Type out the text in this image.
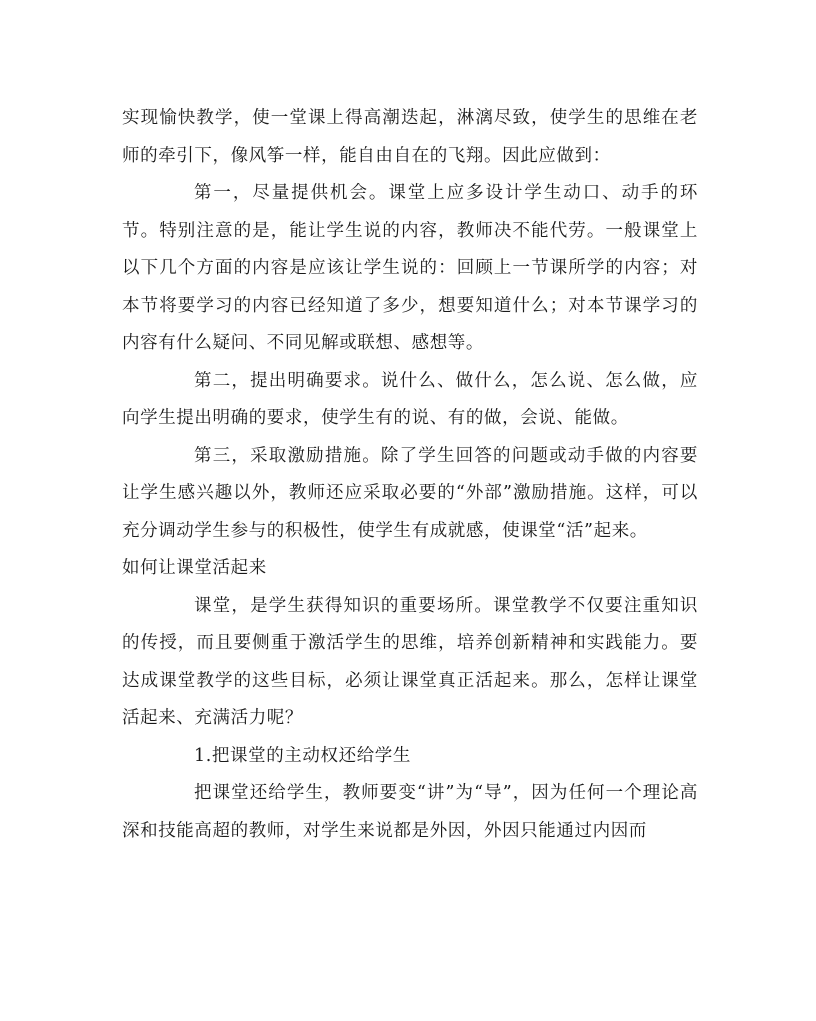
实现愉快教学，使一堂课上得高潮迭起，淋漓尽致，使学生的思维在老师的牵引下，像风筝一样，能自由自在的飞翔。因此应做到：

第一，尽量提供机会。课堂上应多设计学生动口、动手的环节。特别注意的是，能让学生说的内容，教师决不能代劳。一般课堂上以下几个方面的内容是应该让学生说的：回顾上一节课所学的内容；对本节将要学习的内容已经知道了多少，想要知道什么；对本节课学习的内容有什么疑问、不同见解或联想、感想等。

第二，提出明确要求。说什么、做什么，怎么说、怎么做，应向学生提出明确的要求，使学生有的说、有的做，会说、能做。

第三，采取激励措施。除了学生回答的问题或动手做的内容要让学生感兴趣以外，教师还应采取必要的“外部”激励措施。这样，可以充分调动学生参与的积极性，使学生有成就感，使课堂“活”起来。

如何让课堂活起来

课堂，是学生获得知识的重要场所。课堂教学不仅要注重知识的传授，而且要侧重于激活学生的思维，培养创新精神和实践能力。要达成课堂教学的这些目标，必须让课堂真正活起来。那么，怎样让课堂活起来、充满活力呢？

1.把课堂的主动权还给学生

把课堂还给学生，教师要变“讲”为“导”，因为任何一个理论高深和技能高超的教师，对学生来说都是外因，外因只能通过内因而
